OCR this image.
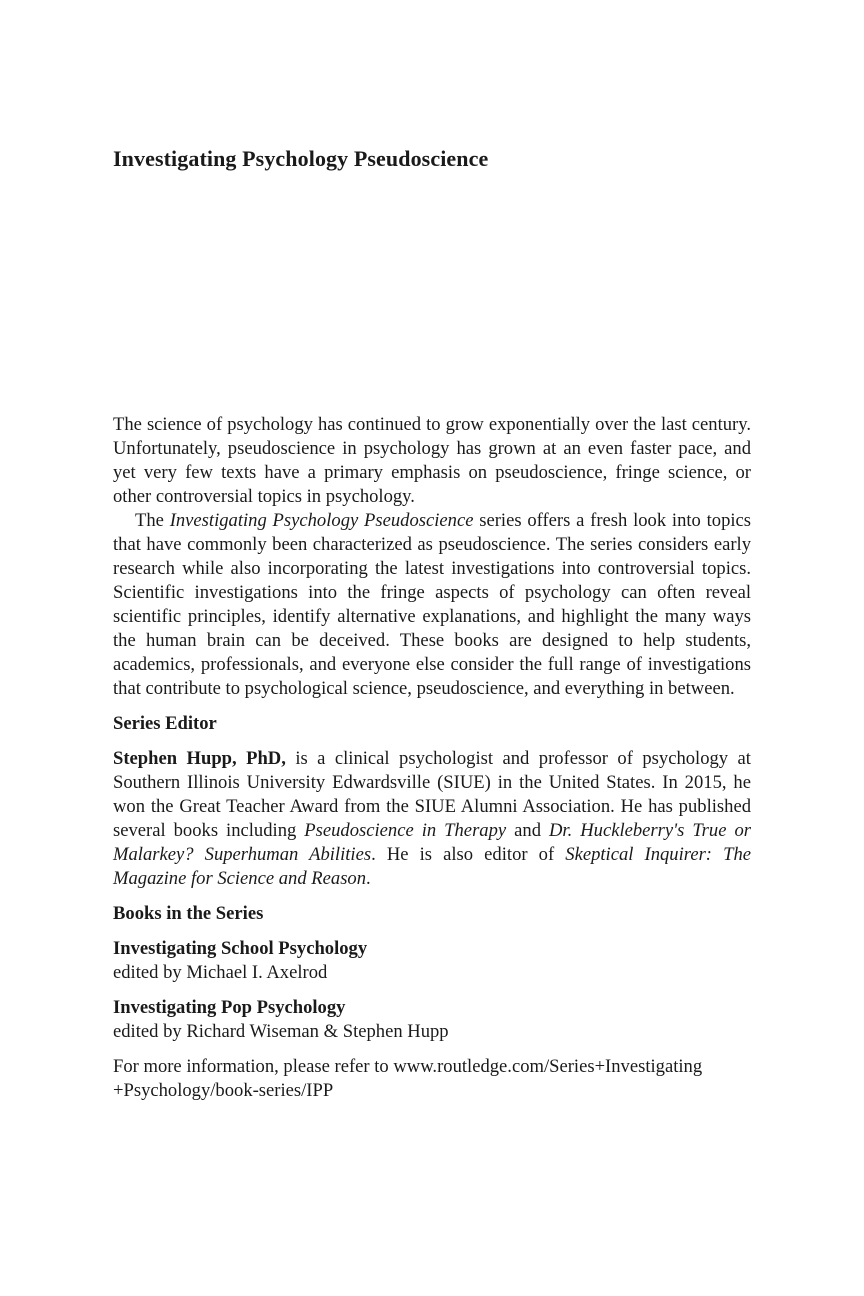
Investigating Psychology Pseudoscience

The science of psychology has continued to grow exponentially over the last century. Unfortunately, pseudoscience in psychology has grown at an even faster pace, and yet very few texts have a primary emphasis on pseudoscience, fringe science, or other controversial topics in psychology.

The Investigating Psychology Pseudoscience series offers a fresh look into topics that have commonly been characterized as pseudoscience. The series considers early research while also incorporating the latest investigations into controversial topics. Scientific investigations into the fringe aspects of psychology can often reveal scientific principles, identify alternative explanations, and highlight the many ways the human brain can be deceived. These books are designed to help students, academics, professionals, and everyone else consider the full range of investigations that contribute to psychological science, pseudoscience, and everything in between.

Series Editor

Stephen Hupp, PhD, is a clinical psychologist and professor of psychology at Southern Illinois University Edwardsville (SIUE) in the United States. In 2015, he won the Great Teacher Award from the SIUE Alumni Association. He has published several books including Pseudoscience in Therapy and Dr. Huckleberry's True or Malarkey? Superhuman Abilities. He is also editor of Skeptical Inquirer: The Magazine for Science and Reason.

Books in the Series

Investigating School Psychology
edited by Michael I. Axelrod
Investigating Pop Psychology
edited by Richard Wiseman & Stephen Hupp

For more information, please refer to www.routledge.com/Series+Investigating
+Psychology/book-series/IPP
